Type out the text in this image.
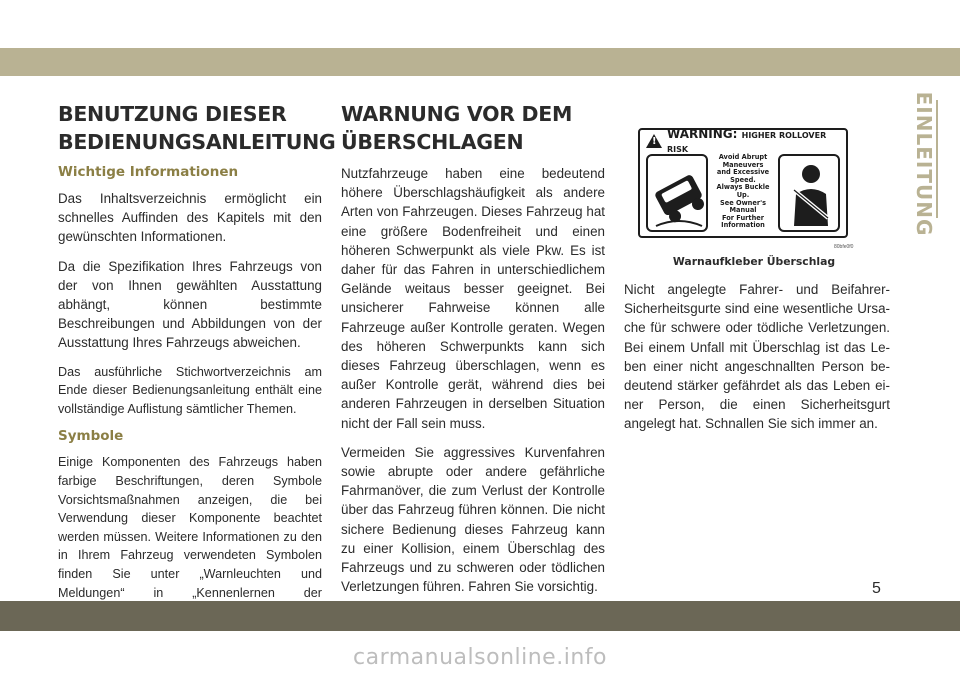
EINLEITUNG
BENUTZUNG DIESER
BEDIENUNGSANLEITUNG
Wichtige Informationen

Das Inhaltsverzeichnis ermöglicht ein schnelles Auffinden des Kapitels mit den gewünschten Informationen.

Da die Spezifikation Ihres Fahrzeugs von der von Ihnen gewählten Ausstattung abhängt, können bestimmte Beschreibungen und Abbildungen von der Ausstattung Ihres Fahrzeugs abweichen.

Das ausführliche Stichwortverzeichnis am Ende dieser Bedienungsanleitung enthält eine vollständige Auflistung sämtlicher Themen.

Symbole

Einige Komponenten des Fahrzeugs haben farbige Beschriftungen, deren Symbole Vorsichtsmaßnahmen anzeigen, die bei Verwendung dieser Komponente beachtet werden müssen. Weitere Informationen zu den in Ihrem Fahrzeug verwendeten Symbolen finden Sie unter „Warnleuchten und Meldungen“ in „Kennenlernen der

WARNUNG VOR DEM
ÜBERSCHLAGEN

Nutzfahrzeuge haben eine bedeutend höhere Überschlagshäufigkeit als andere Arten von Fahrzeugen. Dieses Fahrzeug hat eine größere Bodenfreiheit und einen höheren Schwerpunkt als viele Pkw. Es ist daher für das Fahren in unterschiedlichem Gelände weitaus besser geeignet. Bei unsicherer Fahrweise können alle Fahrzeuge außer Kontrolle geraten. Wegen des höheren Schwerpunkts kann sich dieses Fahrzeug überschlagen, wenn es außer Kontrolle gerät, während dies bei anderen Fahrzeugen in derselben Situation nicht der Fall sein muss.

Vermeiden Sie aggressives Kurvenfahren sowie abrupte oder andere gefährliche Fahrmanöver, die zum Verlust der Kontrolle über das Fahrzeug führen können. Die nicht sichere Bedienung dieses Fahrzeug kann zu einer Kollision, einem Überschlag des Fahrzeugs und zu schweren oder tödlichen Verletzungen führen. Fahren Sie vorsichtig.

!
WARNING: HIGHER ROLLOVER RISK
Avoid Abrupt Maneuvers
and Excessive Speed.
Always Buckle Up.
See Owner's Manual
For Further Information
80bfe0f0
Warnaufkleber Überschlag

Nicht angelegte Fahrer- und Beifahrer-Sicherheitsgurte sind eine wesentliche Ursache für schwere oder tödliche Verletzungen. Bei einem Unfall mit Überschlag ist das Leben einer nicht angeschnallten Person bedeutend stärker gefährdet als das Leben einer Person, die einen Sicherheitsgurt angelegt hat. Schnallen Sie sich immer an.

5
carmanualsonline.info
